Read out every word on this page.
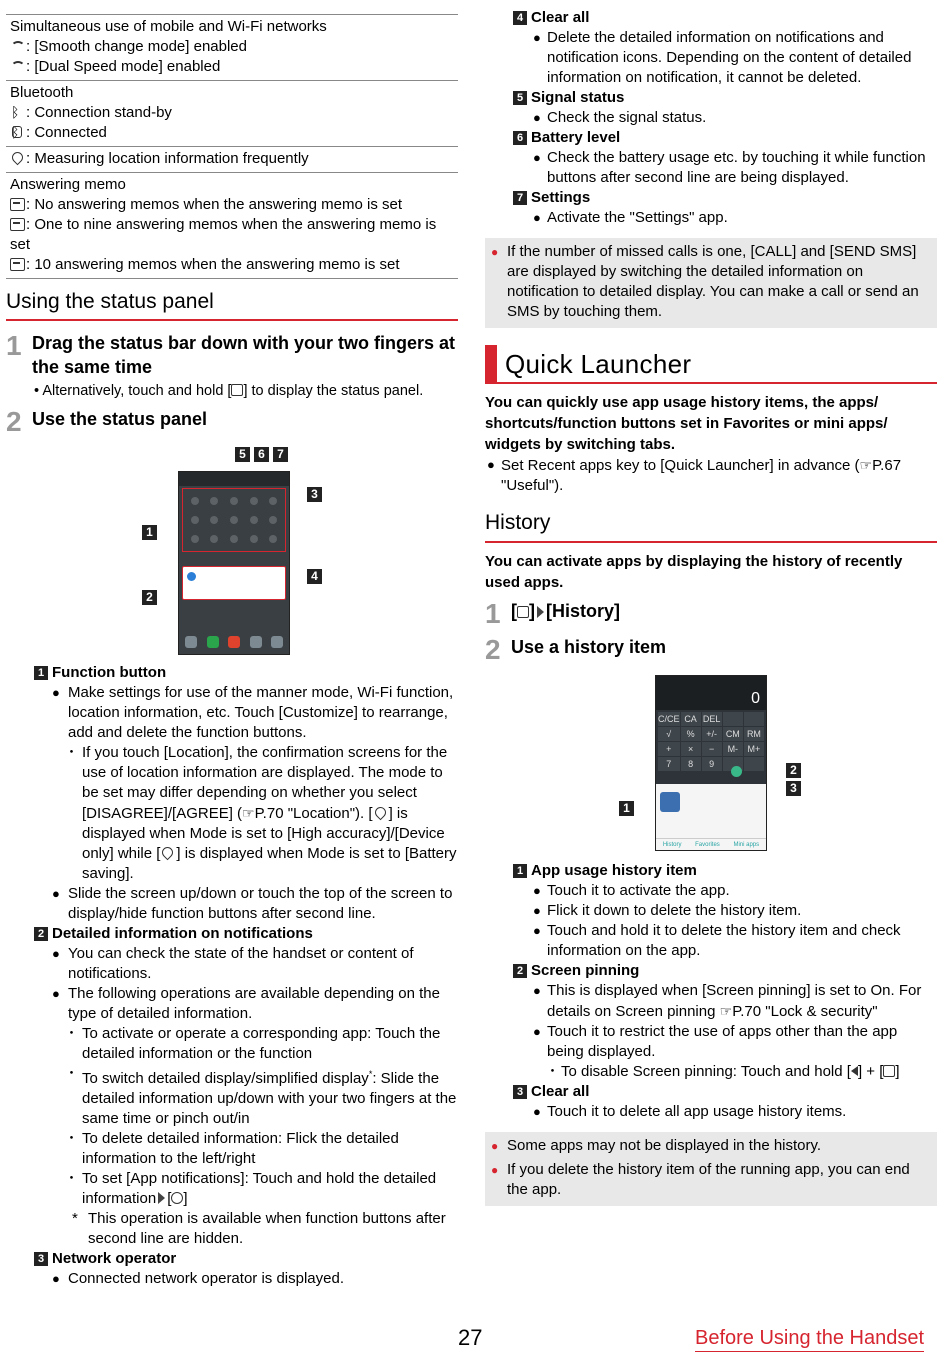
Simultaneous use of mobile and Wi-Fi networks
: [Smooth change mode] enabled
: [Dual Speed mode] enabled
Bluetooth
ᛒ: Connection stand-by
ᛒ: Connected
: Measuring location information frequently
Answering memo
: No answering memos when the answering memo is set
: One to nine answering memos when the answering memo is set
: 10 answering memos when the answering memo is set
Using the status panel
1 Drag the status bar down with your two fingers at the same time
• Alternatively, touch and hold [ ] to display the status panel.
2 Use the status panel
5	6	7
3
1
4
2
1 Function button
● Make settings for use of the manner mode, Wi-Fi function, location information, etc. Touch [Customize] to rearrange, add and delete the function buttons.
・ If you touch [Location], the confirmation screens for the use of location information are displayed. The mode to be set may differ depending on whether you select [DISAGREE]/[AGREE] (☞P.70 "Location"). [ ] is displayed when Mode is set to [High accuracy]/[Device only] while [ ] is displayed when Mode is set to [Battery saving].
● Slide the screen up/down or touch the top of the screen to display/hide function buttons after second line.
2 Detailed information on notifications
● You can check the state of the handset or content of notifications.
● The following operations are available depending on the type of detailed information.
・ To activate or operate a corresponding app: Touch the detailed information or the function
・ To switch detailed display/simplified display*: Slide the detailed information up/down with your two fingers at the same time or pinch out/in
・ To delete detailed information: Flick the detailed information to the left/right
・ To set [App notifications]: Touch and hold the detailed information [ ]
* This operation is available when function buttons after second line are hidden.
3 Network operator
● Connected network operator is displayed.
4 Clear all
● Delete the detailed information on notifications and notification icons. Depending on the content of detailed information on notification, it cannot be deleted.
5 Signal status
● Check the signal status.
6 Battery level
● Check the battery usage etc. by touching it while function buttons after second line are being displayed.
7 Settings
● Activate the "Settings" app.
● If the number of missed calls is one, [CALL] and [SEND SMS] are displayed by switching the detailed information on notification to detailed display. You can make a call or send an SMS by touching them.
Quick Launcher
You can quickly use app usage history items, the apps/ shortcuts/function buttons set in Favorites or mini apps/ widgets by switching tabs.
● Set Recent apps key to [Quick Launcher] in advance (☞P.67 "Useful").
History
You can activate apps by displaying the history of recently used apps.
1 [ ] [History]
2 Use a history item
2
3
1
0
C/CE CA DEL
√	%	+/- CM RM
+	×	−	M-	M+
7	8	9
History Favorites Mini apps
1 App usage history item
● Touch it to activate the app.
● Flick it down to delete the history item.
● Touch and hold it to delete the history item and check information on the app.
2 Screen pinning
● This is displayed when [Screen pinning] is set to On. For details on Screen pinning ☞P.70 "Lock & security"
● Touch it to restrict the use of apps other than the app being displayed.
・ To disable Screen pinning: Touch and hold [ ] + [ ]
3 Clear all
● Touch it to delete all app usage history items.
● Some apps may not be displayed in the history.
● If you delete the history item of the running app, you can end the app.
27	Before Using the Handset
